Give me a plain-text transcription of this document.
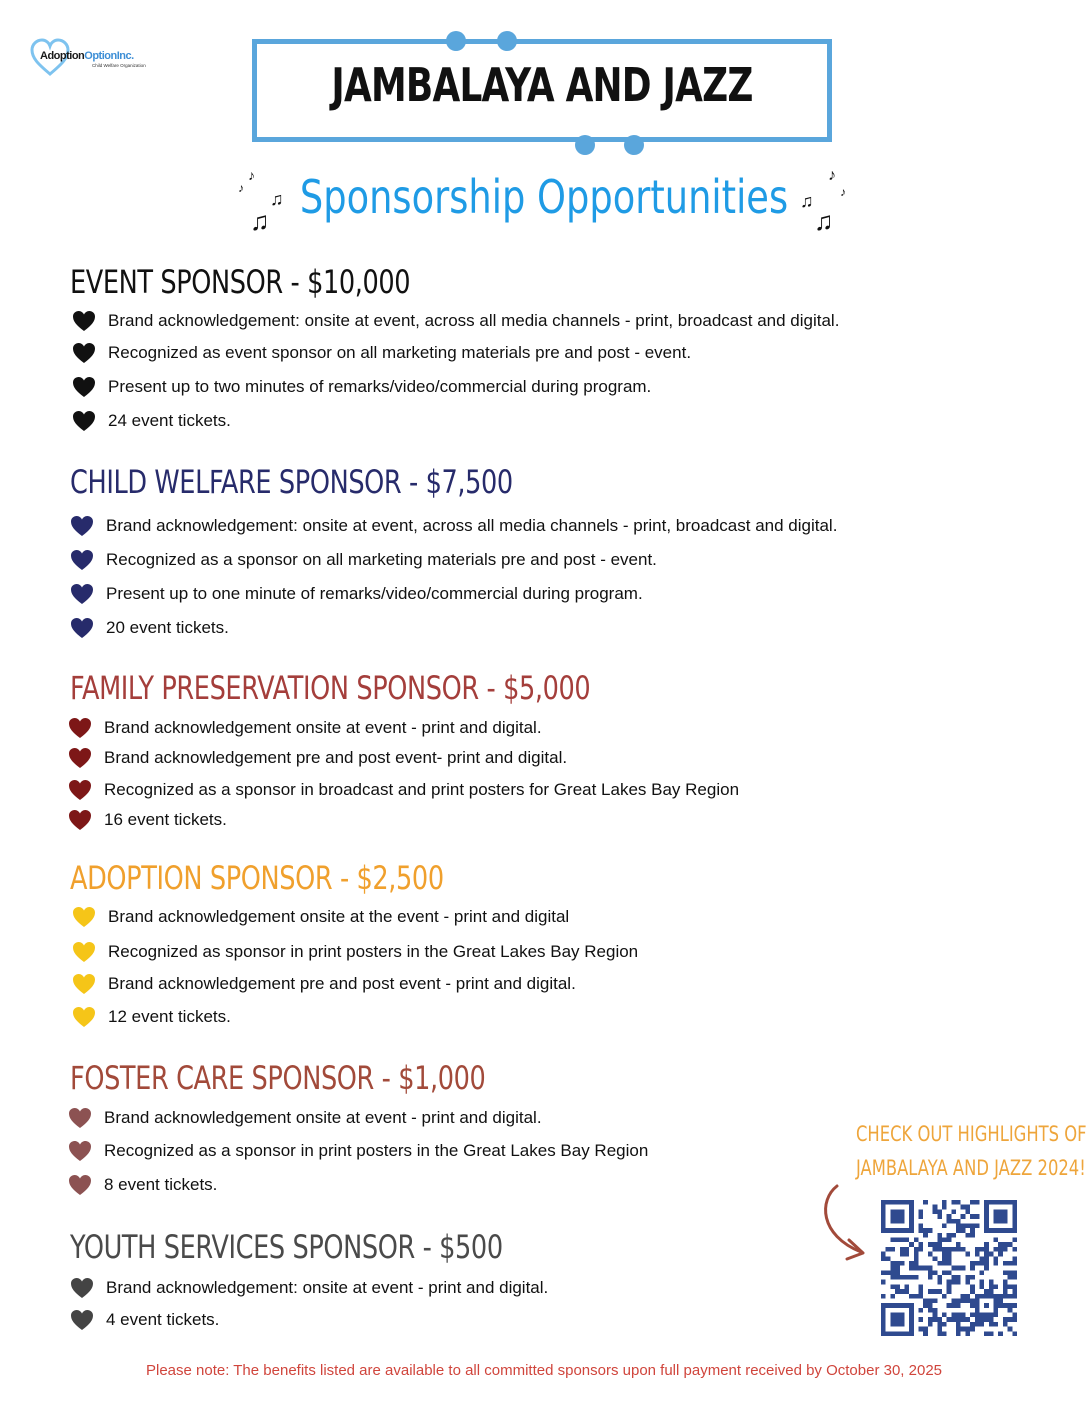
AdoptionOptionInc.
Child Welfare Organization	JAMBALAYA AND JAZZ
♪
♪
♫
♫ Sponsorship Opportunities	♪
♪
♫
♫
EVENT SPONSOR - $10,000
CHILD WELFARE SPONSOR - $7,500
FAMILY PRESERVATION SPONSOR - $5,000
ADOPTION SPONSOR - $2,500
FOSTER CARE SPONSOR - $1,000
YOUTH SERVICES SPONSOR - $500
Brand acknowledgement: onsite at event, across all media channels - print, broadcast and digital.
Recognized as event sponsor on all marketing materials pre and post - event.
Present up to two minutes of remarks/video/commercial during program.
24 event tickets.
Brand acknowledgement: onsite at event, across all media channels - print, broadcast and digital.
Recognized as a sponsor on all marketing materials pre and post - event.
Present up to one minute of remarks/video/commercial during program.
20 event tickets.
Brand acknowledgement onsite at event - print and digital.
Brand acknowledgement pre and post event- print and digital.
Recognized as a sponsor in broadcast and print posters for Great Lakes Bay Region
16 event tickets.
Brand acknowledgement onsite at the event - print and digital
Recognized as sponsor in print posters in the Great Lakes Bay Region
Brand acknowledgement pre and post event - print and digital.
12 event tickets.
Brand acknowledgement onsite at event - print and digital.
Recognized as a sponsor in print posters in the Great Lakes Bay Region
8 event tickets.
Brand acknowledgement: onsite at event - print and digital.
4 event tickets.
CHECK OUT HIGHLIGHTS OF
JAMBALAYA AND JAZZ 2024!
Please note: The benefits listed are available to all committed sponsors upon full payment received by October 30, 2025
